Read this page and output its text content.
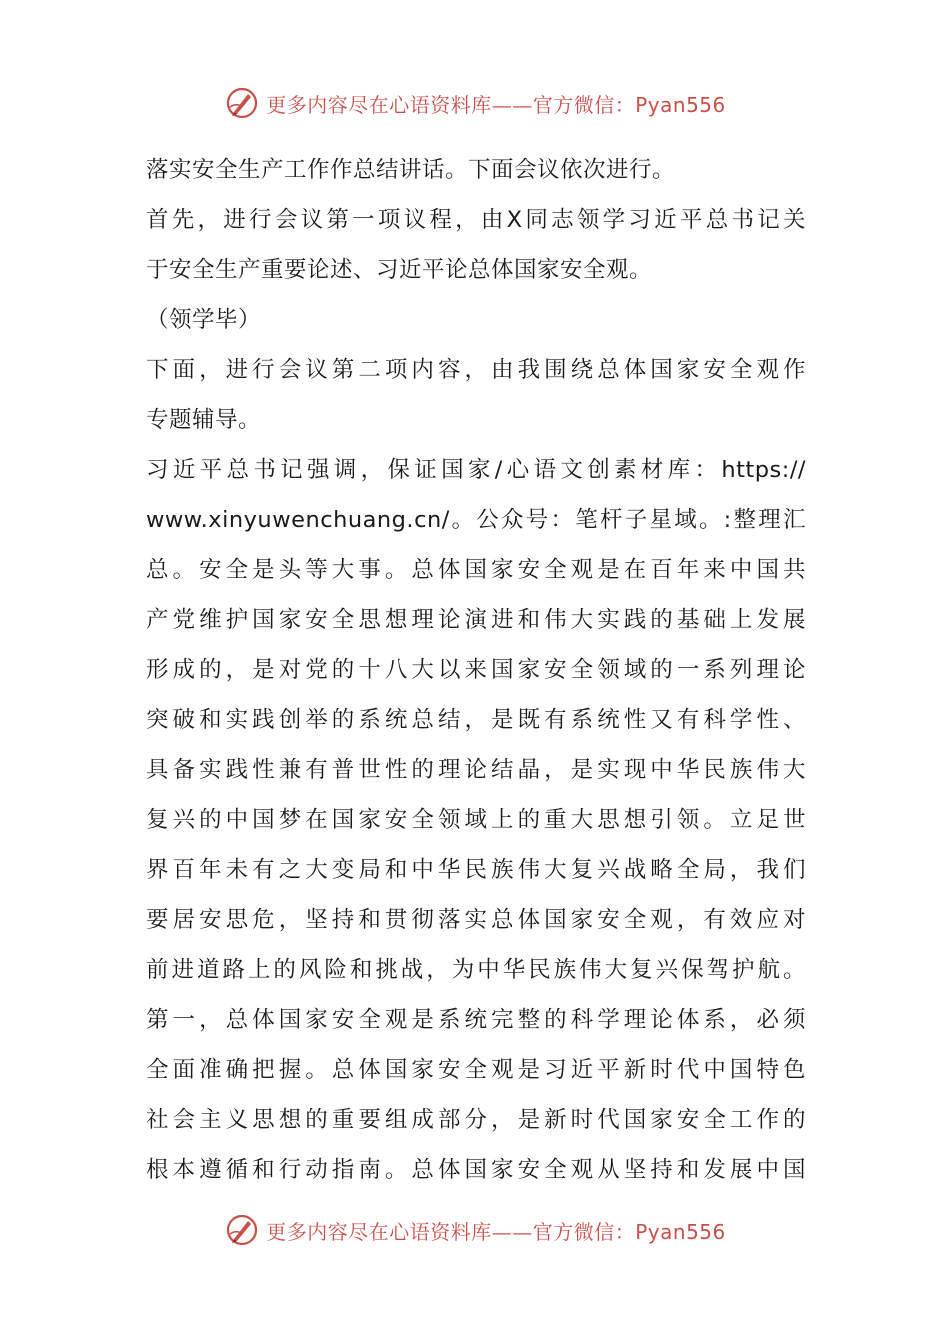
更多内容尽在心语资料库——官方微信：Pyan556
落实安全生产工作作总结讲话。下面会议依次进行。
首先，进行会议第一项议程，由X同志领学习近平总书记关
于安全生产重要论述、习近平论总体国家安全观。
（领学毕）
下面，进行会议第二项内容，由我围绕总体国家安全观作
专题辅导。
习近平总书记强调，保证国家/心语文创素材库：https://
www.xinyuwenchuang.cn/。公众号：笔杆子星域。:整理汇
总。安全是头等大事。总体国家安全观是在百年来中国共
产党维护国家安全思想理论演进和伟大实践的基础上发展
形成的，是对党的十八大以来国家安全领域的一系列理论
突破和实践创举的系统总结，是既有系统性又有科学性、
具备实践性兼有普世性的理论结晶，是实现中华民族伟大
复兴的中国梦在国家安全领域上的重大思想引领。立足世
界百年未有之大变局和中华民族伟大复兴战略全局，我们
要居安思危，坚持和贯彻落实总体国家安全观，有效应对
前进道路上的风险和挑战，为中华民族伟大复兴保驾护航。
第一，总体国家安全观是系统完整的科学理论体系，必须
全面准确把握。总体国家安全观是习近平新时代中国特色
社会主义思想的重要组成部分，是新时代国家安全工作的
根本遵循和行动指南。总体国家安全观从坚持和发展中国
更多内容尽在心语资料库——官方微信：Pyan556
